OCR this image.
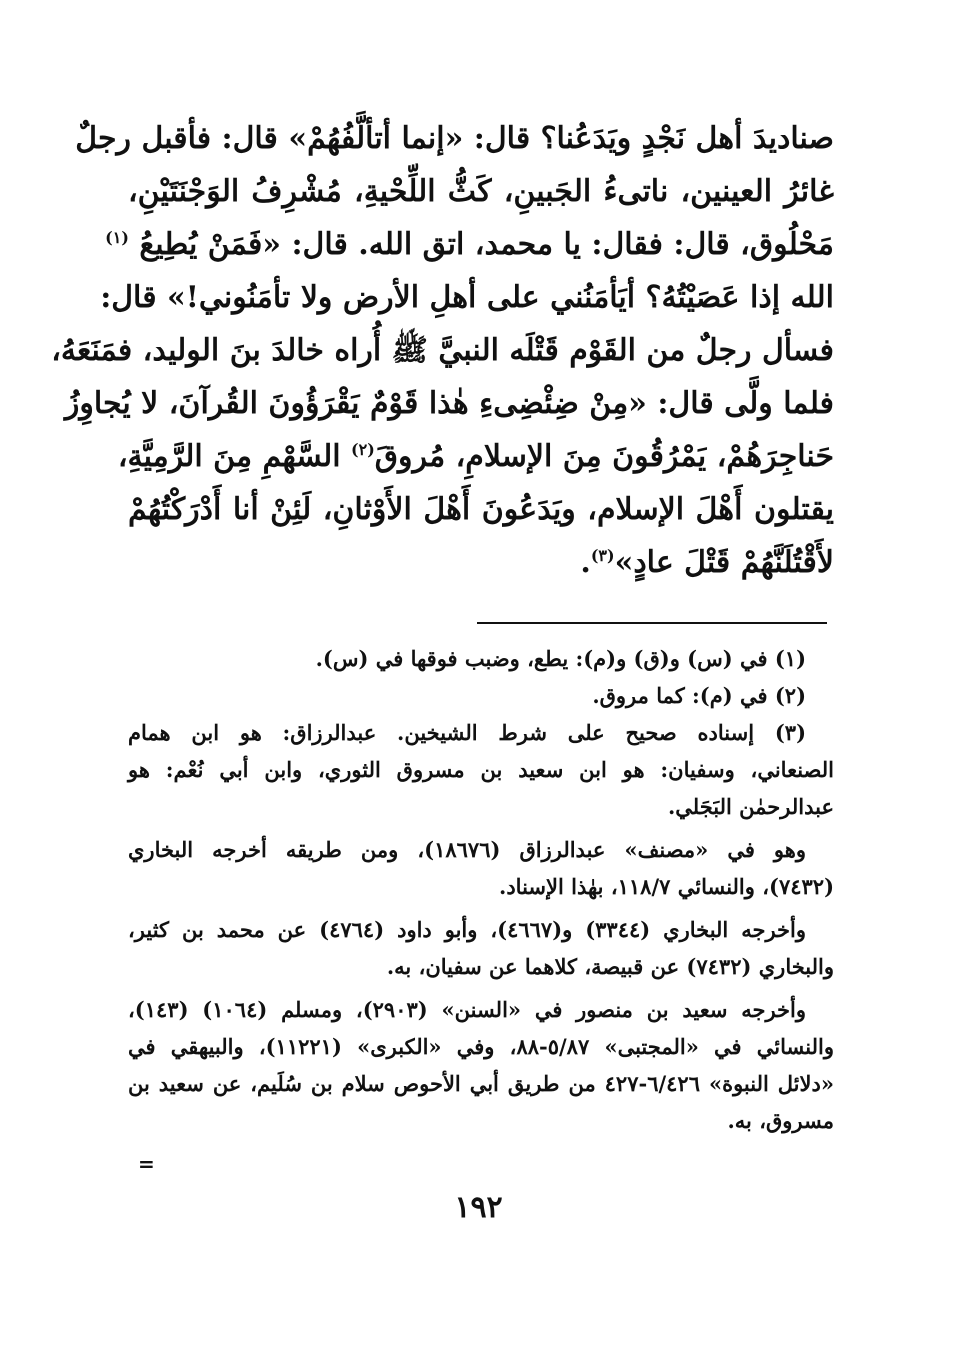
صناديدَ أهل نَجْدٍ ويَدَعُنا؟ قال: «إنما أتألَّفُهُمْ» قال: فأقبل رجلٌ
غائرُ العينين، ناتىءُ الجَبينِ، كَثُّ اللِّحْيةِ، مُشْرِفُ الوَجْنَتَيْنِ،
مَحْلُوق، قال: فقال: يا محمد، اتق الله. قال: «فَمَنْ يُطِيعُ $^{(١)}$
الله إذا عَصَيْتُهُ؟ أيَأمَنُني على أهلِ الأرض ولا تأمَنُوني!» قال:
فسأل رجلٌ من القَوْم قَتْلَه النبيَّ ﷺ أُراه خالدَ بنَ الوليد، فمَنَعَهُ،
فلما ولَّى قال: «مِنْ ضِئْضِىءِ هٰذا قَوْمٌ يَقْرَؤُونَ القُرآنَ، لا يُجاوِزُ
حَناجِرَهُمْ، يَمْرُقُونَ مِنَ الإسلامِ، مُروقَ$^{(٢)}$ السَّهْمِ مِنَ الرَّمِيَّةِ،
يقتلون أَهْلَ الإسلام، ويَدَعُونَ أَهْلَ الأَوْثانِ، لَئِنْ أنا أَدْرَكْتُهُمْ
لأَقْتُلَنَّهُمْ قَتْلَ عادٍ»$^{(٣)}$.
(١) في (س) و(ق) و(م): يطع، وضبب فوقها في (س).
(٢) في (م): كما مروق.
(٣) إسناده صحيح على شرط الشيخين. عبدالرزاق: هو ابن همام
الصنعاني، وسفيان: هو ابن سعيد بن مسروق الثوري، وابن أبي نُعْم: هو
عبدالرحمٰن البَجَلي.
وهو في «مصنف» عبدالرزاق (١٨٦٧٦)، ومن طريقه أخرجه البخاري
(٧٤٣٢)، والنسائي ١١٨/٧، بهٰذا الإسناد.
وأخرجه البخاري (٣٣٤٤) و(٤٦٦٧)، وأبو داود (٤٧٦٤) عن محمد بن كثير،
والبخاري (٧٤٣٢) عن قبيصة، كلاهما عن سفيان، به.
وأخرجه سعيد بن منصور في «السنن» (٢٩٠٣)، ومسلم (١٠٦٤) (١٤٣)،
والنسائي في «المجتبى» ٥/٨٧-٨٨، وفي «الكبرى» (١١٢٢١)، والبيهقي في
«دلائل النبوة» ٦/٤٢٦-٤٢٧ من طريق أبي الأحوص سلام بن سُلَيم، عن سعيد بن
مسروق، به.
=
١٩٢
